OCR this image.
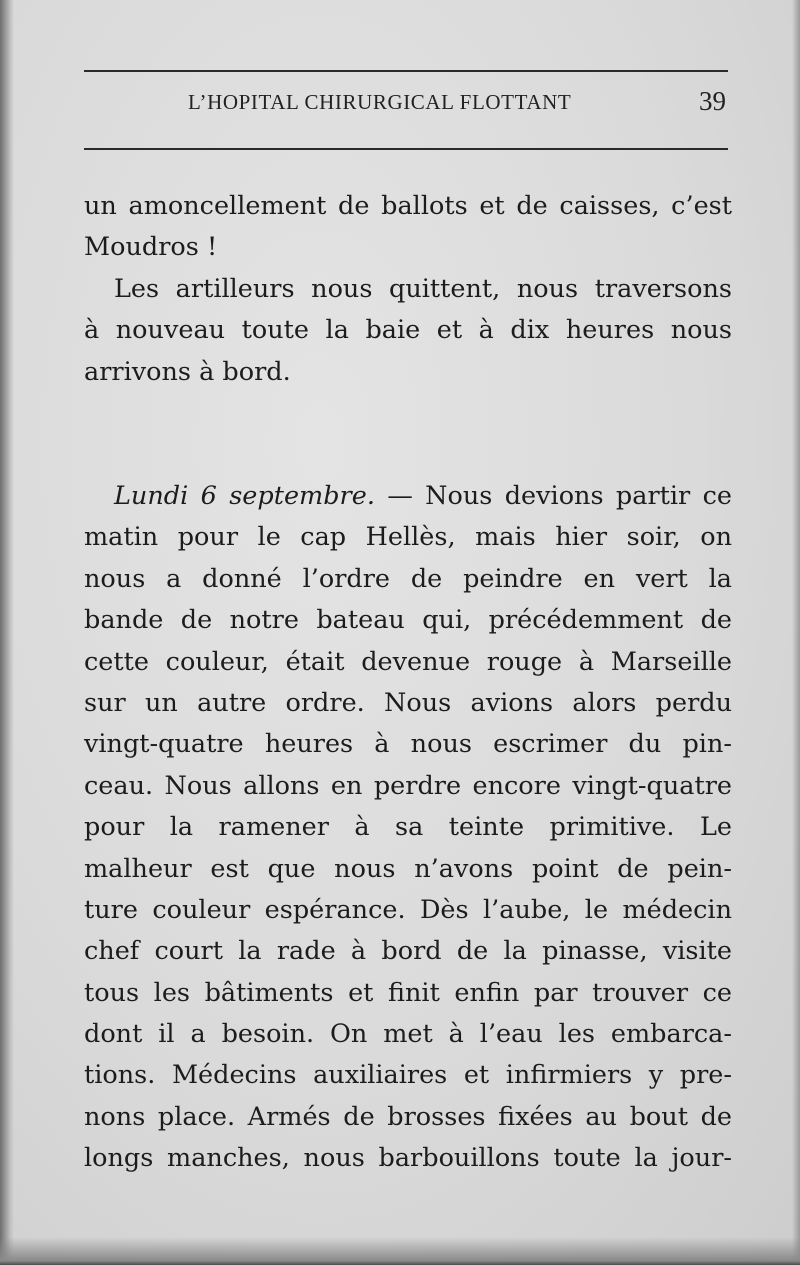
L’HOPITAL CHIRURGICAL FLOTTANT	39
un amoncellement de ballots et de caisses, c’est
Moudros !
Les artilleurs nous quittent, nous traversons
à nouveau toute la baie et à dix heures nous
arrivons à bord.
Lundi 6 septembre. — Nous devions partir ce
matin pour le cap Hellès, mais hier soir, on
nous a donné l’ordre de peindre en vert la
bande de notre bateau qui, précédemment de
cette couleur, était devenue rouge à Marseille
sur un autre ordre. Nous avions alors perdu
vingt-quatre heures à nous escrimer du pin-
ceau. Nous allons en perdre encore vingt-quatre
pour la ramener à sa teinte primitive. Le
malheur est que nous n’avons point de pein-
ture couleur espérance. Dès l’aube, le médecin
chef court la rade à bord de la pinasse, visite
tous les bâtiments et finit enfin par trouver ce
dont il a besoin. On met à l’eau les embarca-
tions. Médecins auxiliaires et infirmiers y pre-
nons place. Armés de brosses fixées au bout de
longs manches, nous barbouillons toute la jour-
